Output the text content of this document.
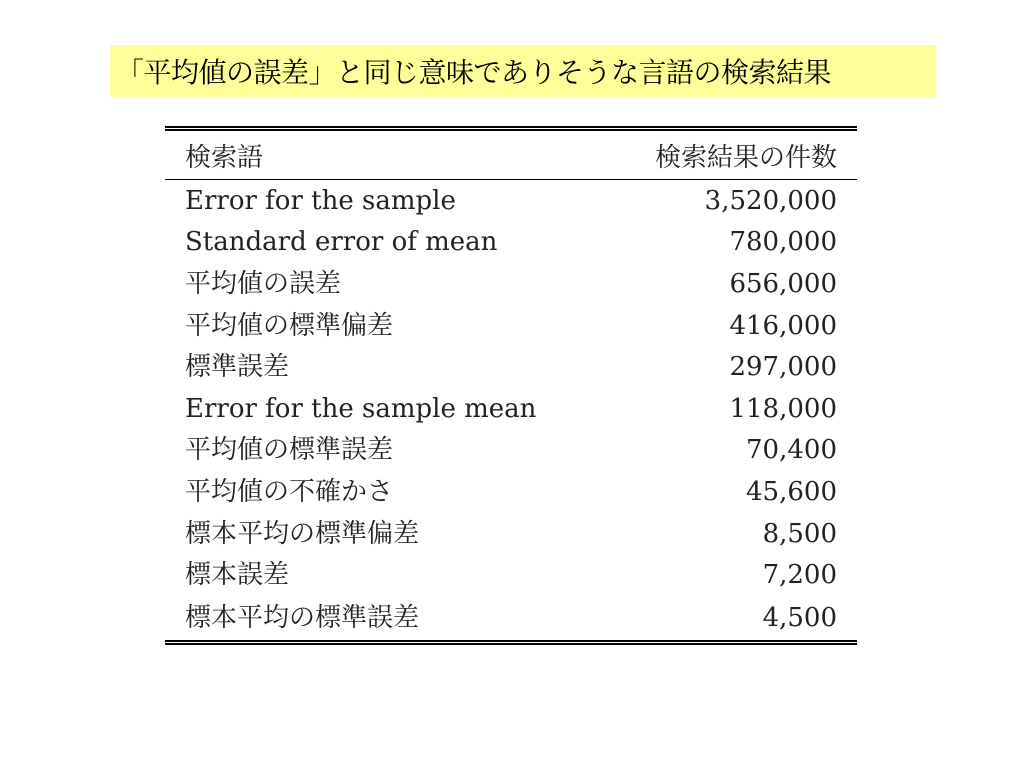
「平均値の誤差」と同じ意味でありそうな言語の検索結果
検索語	検索結果の件数
Error for the sample	3,520,000
Standard error of mean	780,000
平均値の誤差	656,000
平均値の標準偏差	416,000
標準誤差	297,000
Error for the sample mean	118,000
平均値の標準誤差	70,400
平均値の不確かさ	45,600
標本平均の標準偏差	8,500
標本誤差	7,200
標本平均の標準誤差	4,500
